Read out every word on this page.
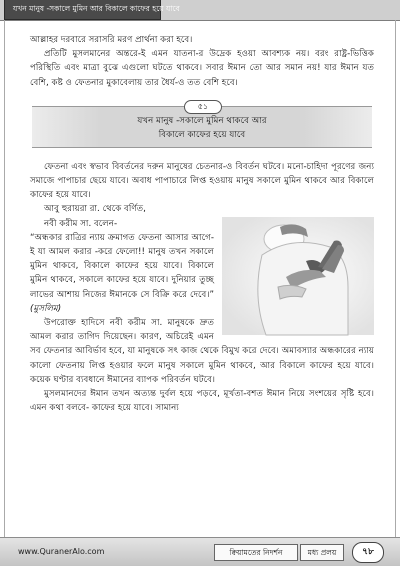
যখন মানুষ -সকালে মুমিন আর বিকালে কাফের হয়ে যাবে

আল্লাহর দরবারে সরাসরি মরণ প্রার্থনা করা হবে।

প্রতিটি মুসলমানের অন্তরে-ই এমন যাতনা-র উদ্রেক হওয়া আবশ্যক নয়। বরং রাষ্ট্র-ভিত্তিক পরিস্থিতি এবং মাত্রা বুঝে এগুলো ঘটতে থাকবে। সবার ঈমান তো আর সমান নয়! যার ঈমান যত বেশি, কষ্ট ও ফেতনার মুকাবেলায় তার ধৈর্য-ও তত বেশি হবে।

৫১
যখন মানুষ -সকালে মুমিন থাকবে আর
বিকালে কাফের হয়ে যাবে

ফেতনা এবং স্বভাব বিবর্তনের দরুন মানুষের চেতনার-ও বিবর্তন ঘটবে। মনো-চাহিদা পূরণের জন্য সমাজে পাপাচার ছেয়ে যাবে। অবাধ পাপাচারে লিপ্ত হওয়ায় মানুষ সকালে মুমিন থাকবে আর বিকালে কাফের হয়ে যাবে।

আবু হুরায়রা রা. থেকে বর্ণিত,

নবী করীম সা. বলেন-

“অন্ধকার রাত্রির ন্যায় ক্রমাগত ফেতনা আসার আগে-ই যা আমল করার -করে ফেলো!! মানুষ তখন সকালে মুমিন থাকবে, বিকালে কাফের হয়ে যাবে। বিকালে মুমিন থাকবে, সকালে কাফের হয়ে যাবে। দুনিয়ার তুচ্ছ লাভের আশায় নিজের ঈমানকে সে বিক্রি করে দেবে।” (মুসলিম)

উপরোক্ত হাদিসে নবী করীম সা. মানুষকে দ্রুত আমল করার তাগিদ দিয়েছেন। কারণ, অচিরেই এমন সব ফেতনার আবির্ভাব হবে, যা মানুষকে সৎ কাজ থেকে বিমুখ করে দেবে। অমাবস্যার অন্ধকারের ন্যায় কালো ফেতনায় লিপ্ত হওয়ার ফলে মানুষ সকালে মুমিন থাকবে, আর বিকালে কাফের হয়ে যাবে। কয়েক ঘণ্টার ব্যবধানে ঈমানের ব্যাপক পরিবর্তন ঘটবে।

মুসলমানদের ঈমান তখন অত্যন্ত দুর্বল হয়ে পড়বে, মূর্খতা-বশত ঈমান নিয়ে সংশয়ের সৃষ্টি হবে। এমন কথা বলবে- কাফের হয়ে যাবে। সামান্য

www.QuranerAlo.com	ক্বিয়ামতের নিদর্শন	মধ্য প্রলয়	৭৮
